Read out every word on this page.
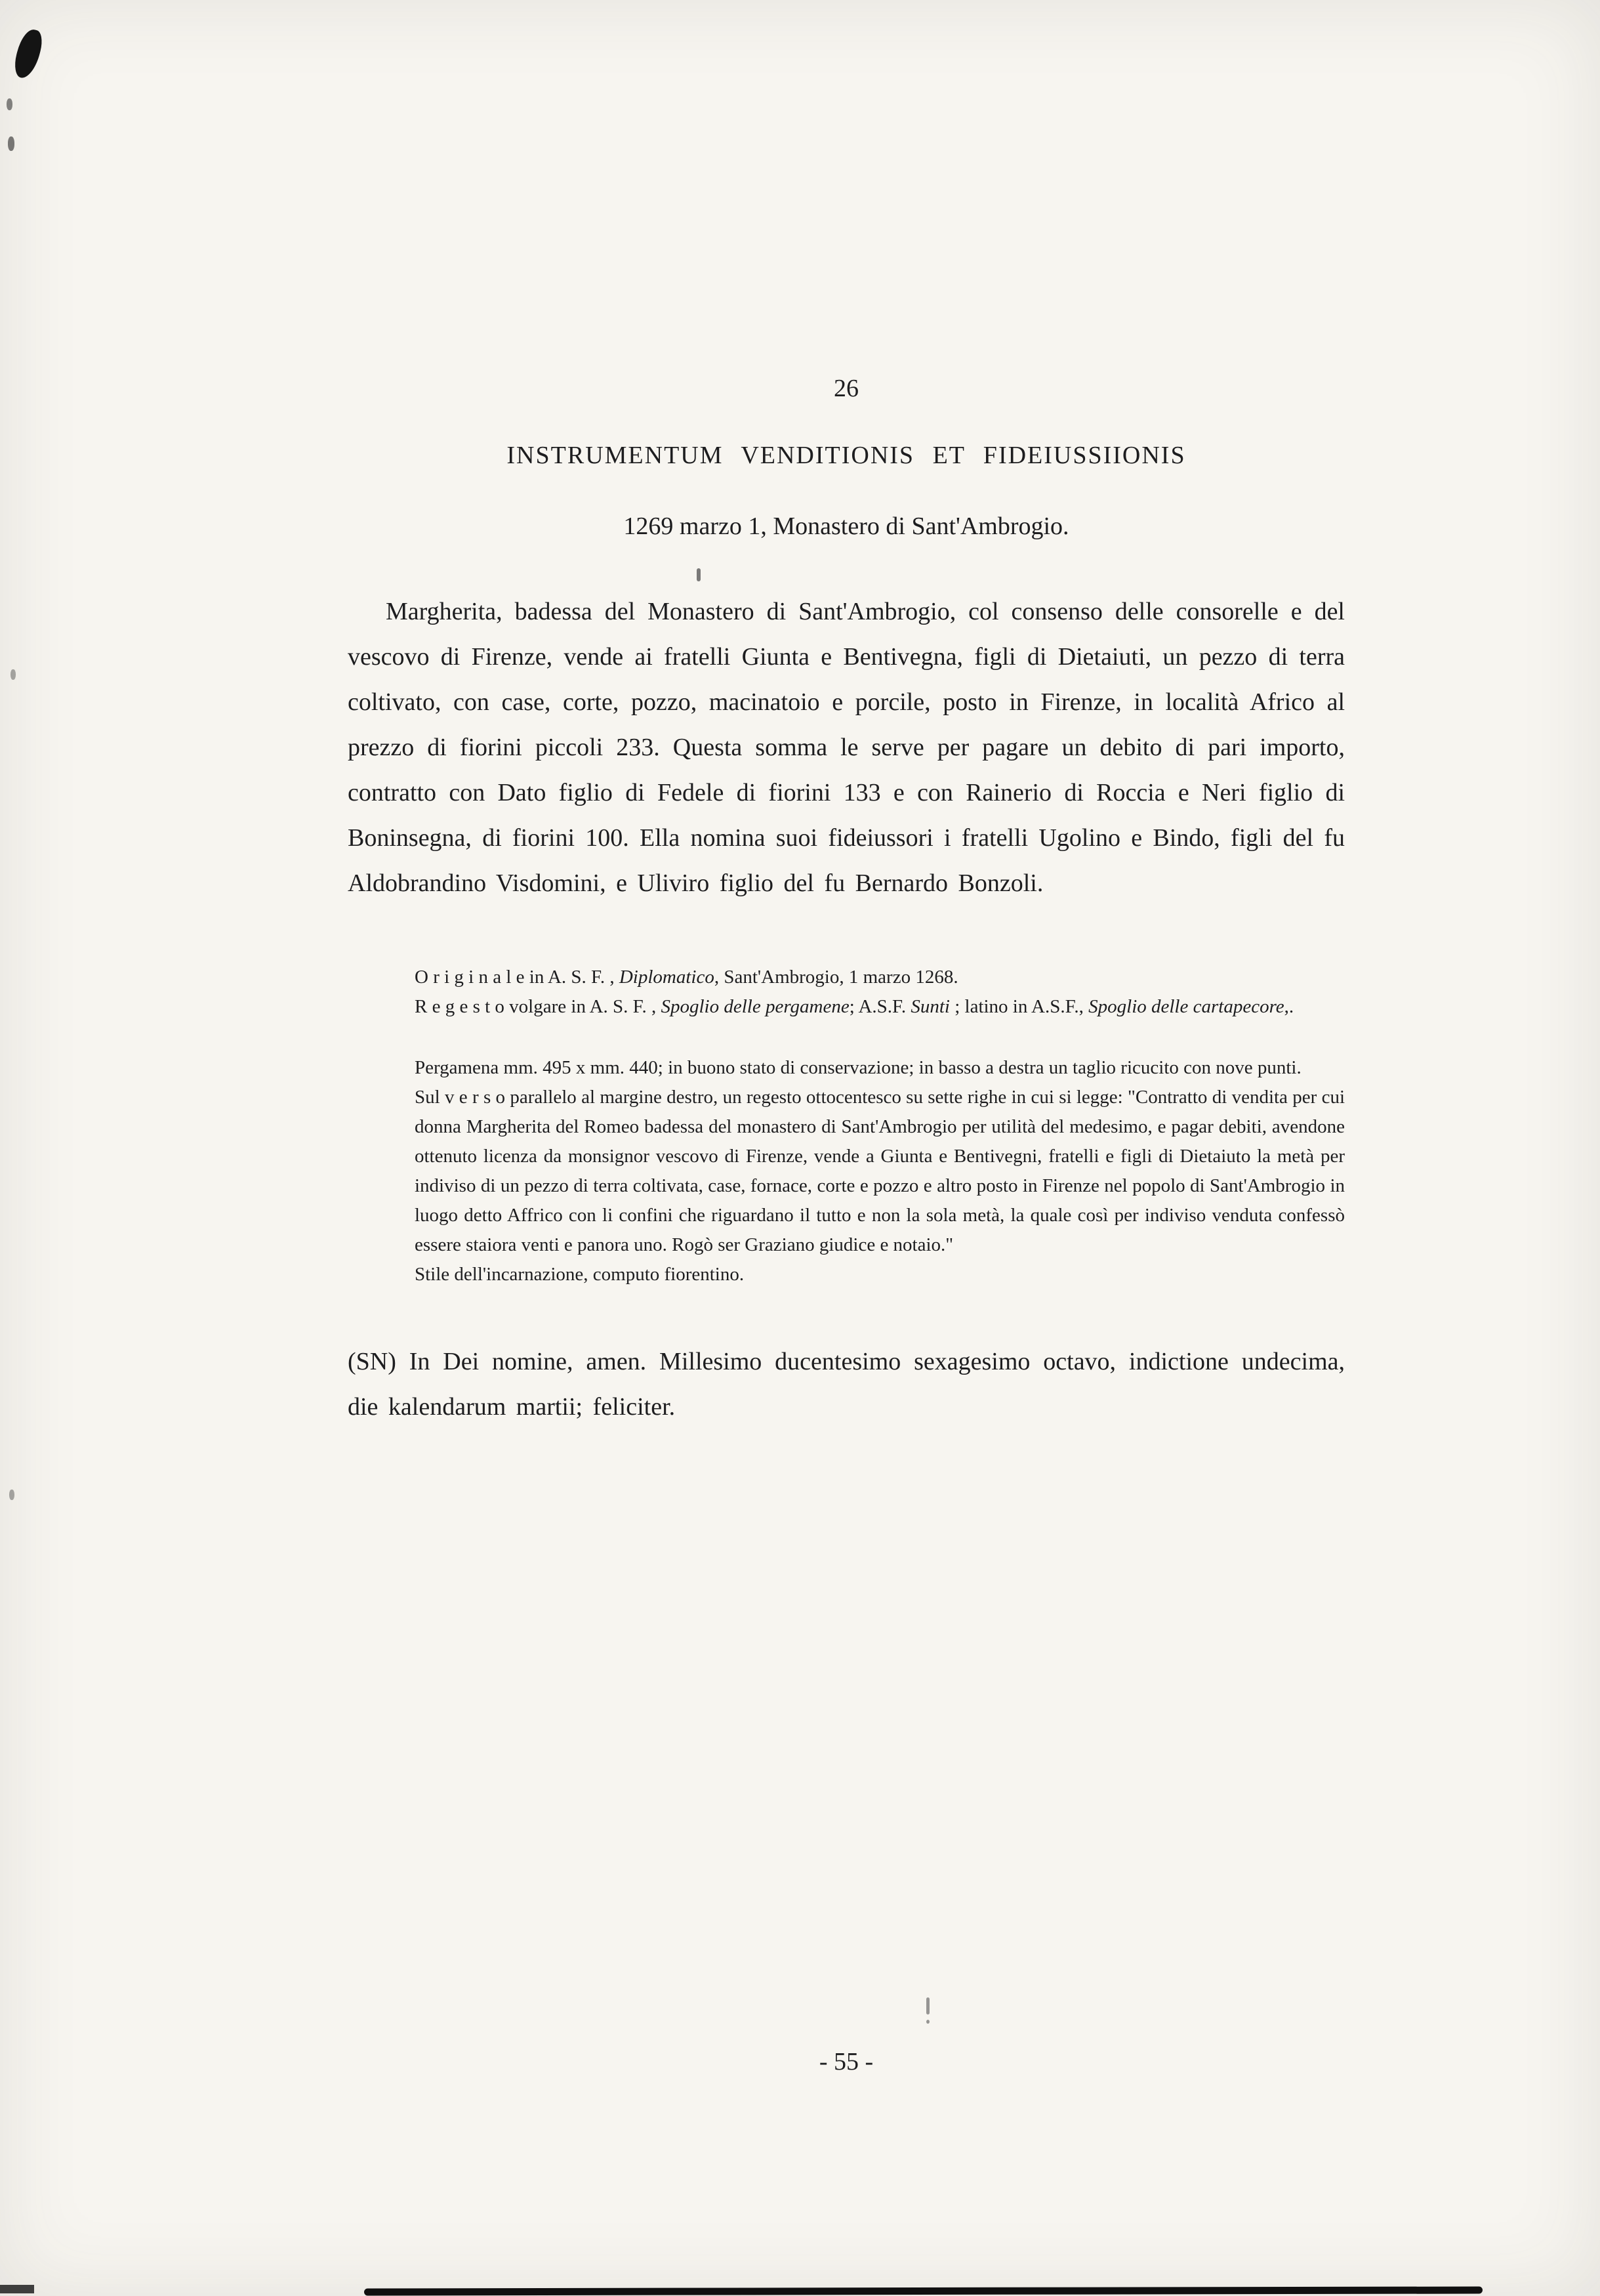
26

INSTRUMENTUM VENDITIONIS ET FIDEIUSSIIONIS

1269 marzo 1, Monastero di Sant'Ambrogio.

Margherita, badessa del Monastero di Sant'Ambrogio, col consenso delle consorelle e del vescovo di Firenze, vende ai fratelli Giunta e Bentivegna, figli di Dietaiuti, un pezzo di terra coltivato, con case, corte, pozzo, macinatoio e porcile, posto in Firenze, in località Africo al prezzo di fiorini piccoli 233. Questa somma le serve per pagare un debito di pari importo, contratto con Dato figlio di Fedele di fiorini 133 e con Rainerio di Roccia e Neri figlio di Boninsegna, di fiorini 100. Ella nomina suoi fideiussori i fratelli Ugolino e Bindo, figli del fu Aldobrandino Visdomini, e Uliviro figlio del fu Bernardo Bonzoli.

O r i g i n a l e in A. S. F. , Diplomatico, Sant'Ambrogio, 1 marzo 1268.

R e g e s t o volgare in A. S. F. , Spoglio delle pergamene; A.S.F. Sunti ; latino in A.S.F., Spoglio delle cartapecore,.

Pergamena mm. 495 x mm. 440; in buono stato di conservazione; in basso a destra un taglio ricucito con nove punti.

Sul v e r s o parallelo al margine destro, un regesto ottocentesco su sette righe in cui si legge: "Contratto di vendita per cui donna Margherita del Romeo badessa del monastero di Sant'Ambrogio per utilità del medesimo, e pagar debiti, avendone ottenuto licenza da monsignor vescovo di Firenze, vende a Giunta e Bentivegni, fratelli e figli di Dietaiuto la metà per indiviso di un pezzo di terra coltivata, case, fornace, corte e pozzo e altro posto in Firenze nel popolo di Sant'Ambrogio in luogo detto Affrico con li confini che riguardano il tutto e non la sola metà, la quale così per indiviso venduta confessò essere staiora venti e panora uno. Rogò ser Graziano giudice e notaio."

Stile dell'incarnazione, computo fiorentino.

(SN) In Dei nomine, amen. Millesimo ducentesimo sexagesimo octavo, indictione undecima, die kalendarum martii; feliciter.

- 55 -
